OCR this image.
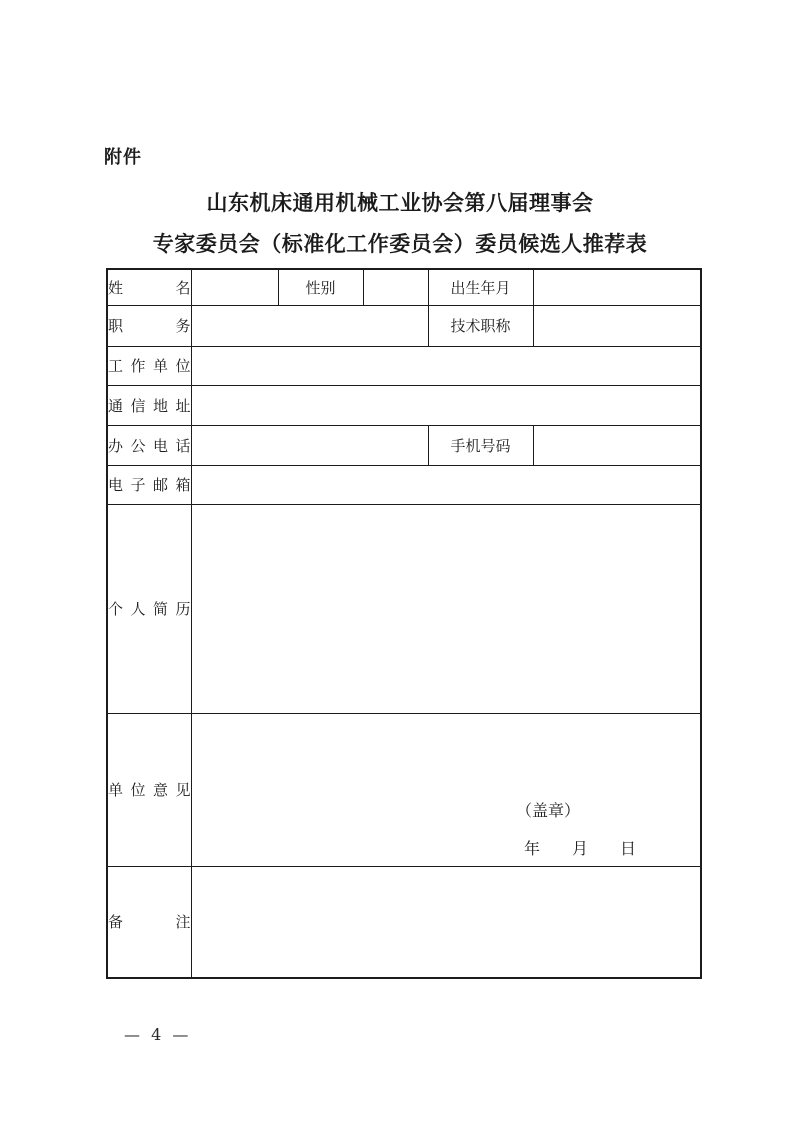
附件
山东机床通用机械工业协会第八届理事会
专家委员会（标准化工作委员会）委员候选人推荐表
姓名		性别		出生年月	
职务				技术职称	
工作单位					
通信地址					
办公电话				手机号码	
电子邮箱					
个人简历					
单位意见	（盖章）
年　　月　　日				

备注					
— 4 —
